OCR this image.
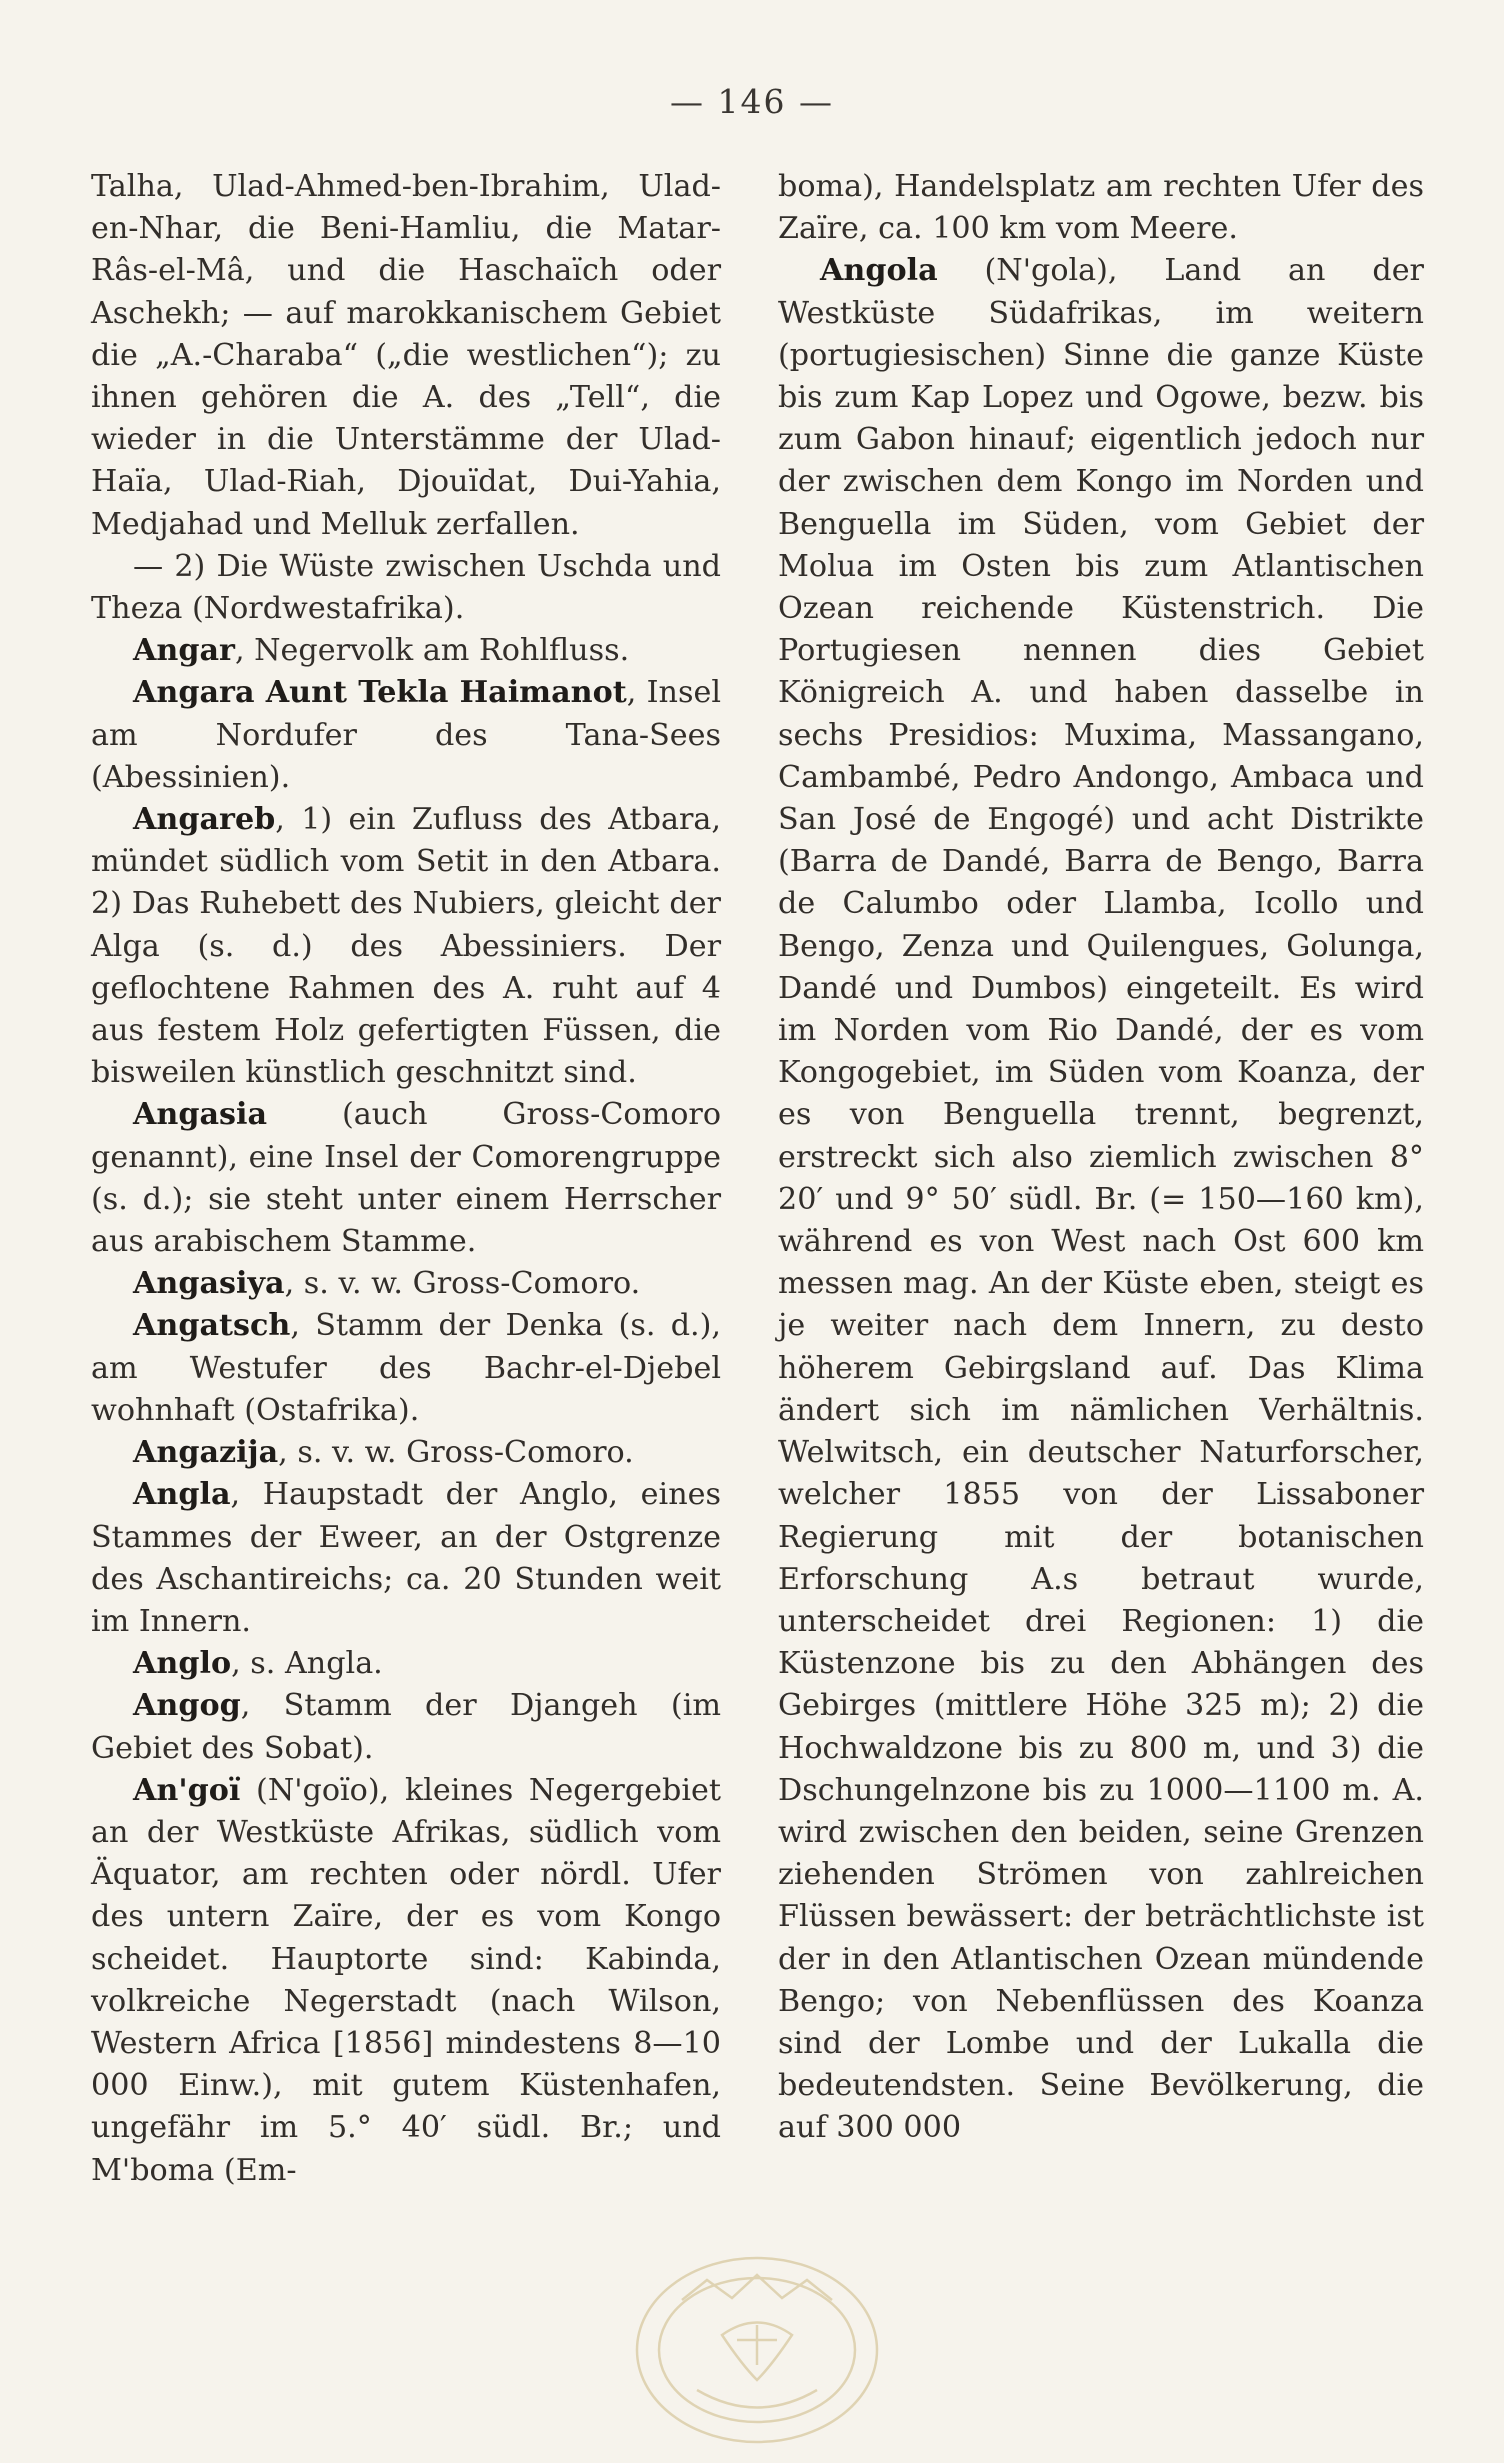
— 146 —

Talha, Ulad-Ahmed-ben-Ibrahim, Ulad-en-Nhar, die Beni-Hamliu, die Matar-Râs-el-Mâ, und die Haschaïch oder Aschekh; — auf marokkanischem Gebiet die „A.-Charaba“ („die westlichen“); zu ihnen gehören die A. des „Tell“, die wieder in die Unterstämme der Ulad-Haïa, Ulad-Riah, Djouïdat, Dui-Yahia, Medjahad und Melluk zerfallen.

— 2) Die Wüste zwischen Uschda und Theza (Nordwestafrika).

Angar, Negervolk am Rohlfluss.

Angara Aunt Tekla Haimanot, Insel am Nordufer des Tana-Sees (Abessinien).

Angareb, 1) ein Zufluss des Atbara, mündet südlich vom Setit in den Atbara. 2) Das Ruhebett des Nubiers, gleicht der Alga (s. d.) des Abessiniers. Der geflochtene Rahmen des A. ruht auf 4 aus festem Holz gefertigten Füssen, die bisweilen künstlich geschnitzt sind.

Angasia (auch Gross-Comoro genannt), eine Insel der Comorengruppe (s. d.); sie steht unter einem Herrscher aus arabischem Stamme.

Angasiya, s. v. w. Gross-Comoro.

Angatsch, Stamm der Denka (s. d.), am Westufer des Bachr-el-Djebel wohnhaft (Ostafrika).

Angazija, s. v. w. Gross-Comoro.

Angla, Haupstadt der Anglo, eines Stammes der Eweer, an der Ostgrenze des Aschantireichs; ca. 20 Stunden weit im Innern.

Anglo, s. Angla.

Angog, Stamm der Djangeh (im Gebiet des Sobat).

An'goï (N'goïo), kleines Negergebiet an der Westküste Afrikas, südlich vom Äquator, am rechten oder nördl. Ufer des untern Zaïre, der es vom Kongo scheidet. Hauptorte sind: Kabinda, volkreiche Negerstadt (nach Wilson, Western Africa [1856] mindestens 8—10 000 Einw.), mit gutem Küstenhafen, ungefähr im 5.° 40′ südl. Br.; und M'boma (Em-

boma), Handelsplatz am rechten Ufer des Zaïre, ca. 100 km vom Meere.

Angola (N'gola), Land an der Westküste Südafrikas, im weitern (portugiesischen) Sinne die ganze Küste bis zum Kap Lopez und Ogowe, bezw. bis zum Gabon hinauf; eigentlich jedoch nur der zwischen dem Kongo im Norden und Benguella im Süden, vom Gebiet der Molua im Osten bis zum Atlantischen Ozean reichende Küstenstrich. Die Portugiesen nennen dies Gebiet Königreich A. und haben dasselbe in sechs Presidios: Muxima, Massangano, Cambambé, Pedro Andongo, Ambaca und San José de Engogé) und acht Distrikte (Barra de Dandé, Barra de Bengo, Barra de Calumbo oder Llamba, Icollo und Bengo, Zenza und Quilengues, Golunga, Dandé und Dumbos) eingeteilt. Es wird im Norden vom Rio Dandé, der es vom Kongogebiet, im Süden vom Koanza, der es von Benguella trennt, begrenzt, erstreckt sich also ziemlich zwischen 8° 20′ und 9° 50′ südl. Br. (= 150—160 km), während es von West nach Ost 600 km messen mag. An der Küste eben, steigt es je weiter nach dem Innern, zu desto höherem Gebirgsland auf. Das Klima ändert sich im nämlichen Verhältnis. Welwitsch, ein deutscher Naturforscher, welcher 1855 von der Lissaboner Regierung mit der botanischen Erforschung A.s betraut wurde, unterscheidet drei Regionen: 1) die Küstenzone bis zu den Abhängen des Gebirges (mittlere Höhe 325 m); 2) die Hochwaldzone bis zu 800 m, und 3) die Dschungelnzone bis zu 1000—1100 m. A. wird zwischen den beiden, seine Grenzen ziehenden Strömen von zahlreichen Flüssen bewässert: der beträchtlichste ist der in den Atlantischen Ozean mündende Bengo; von Nebenflüssen des Koanza sind der Lombe und der Lukalla die bedeutendsten. Seine Bevölkerung, die auf 300 000
